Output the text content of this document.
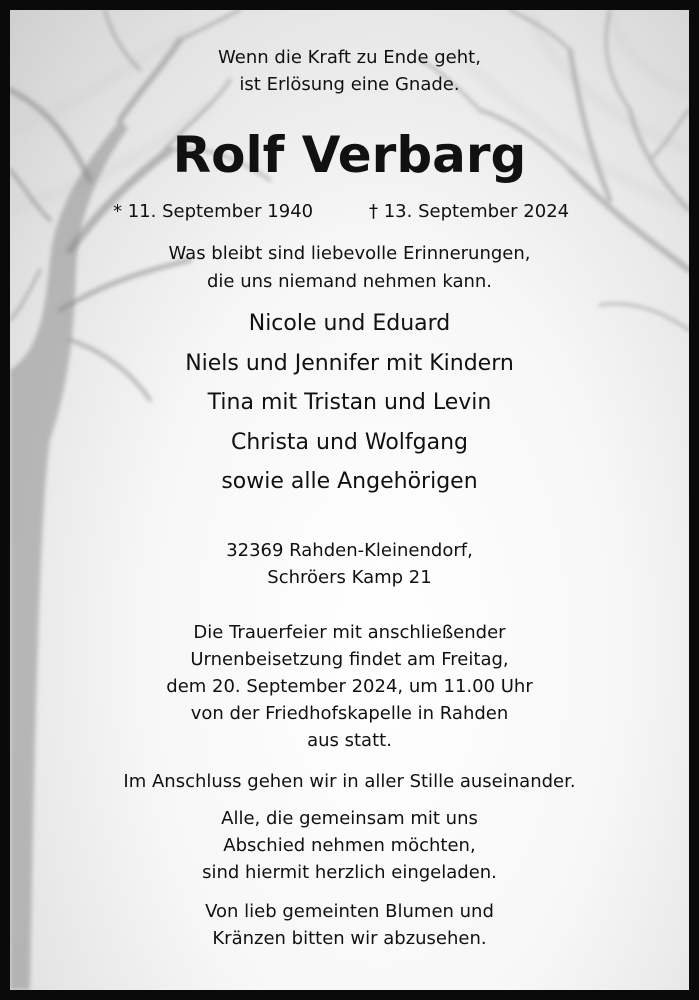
Wenn die Kraft zu Ende geht,
ist Erlösung eine Gnade.
Rolf Verbarg
* 11. September 1940	† 13. September 2024
Was bleibt sind liebevolle Erinnerungen,
die uns niemand nehmen kann.
Nicole und Eduard
Niels und Jennifer mit Kindern
Tina mit Tristan und Levin
Christa und Wolfgang
sowie alle Angehörigen
32369 Rahden-Kleinendorf,
Schröers Kamp 21
Die Trauerfeier mit anschließender
Urnenbeisetzung findet am Freitag,
dem 20. September 2024, um 11.00 Uhr
von der Friedhofskapelle in Rahden
aus statt.
Im Anschluss gehen wir in aller Stille auseinander.
Alle, die gemeinsam mit uns
Abschied nehmen möchten,
sind hiermit herzlich eingeladen.
Von lieb gemeinten Blumen und
Kränzen bitten wir abzusehen.
